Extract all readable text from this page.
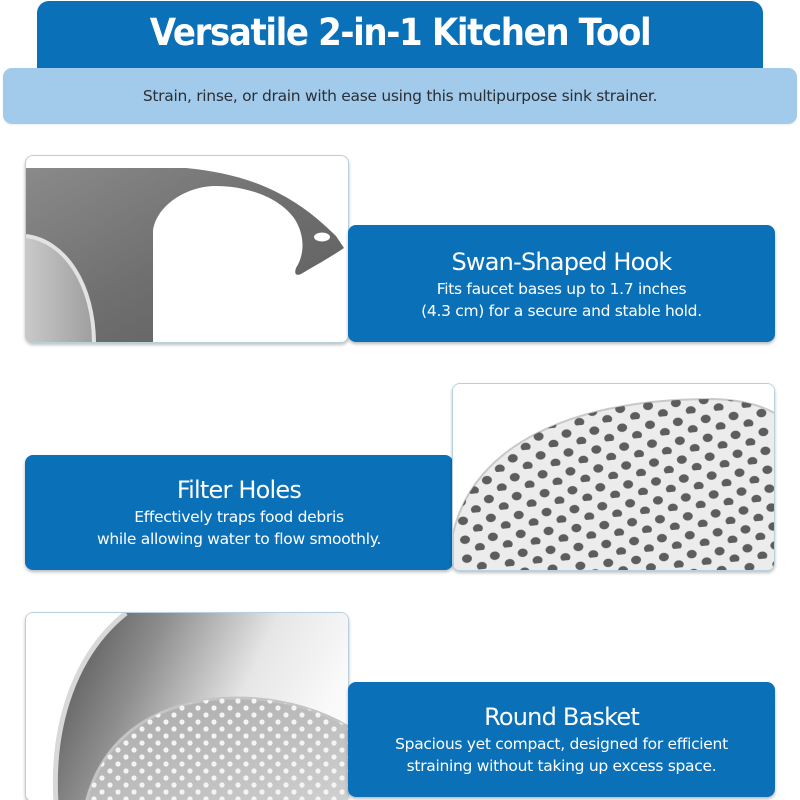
Versatile 2-in-1 Kitchen Tool

Strain, rinse, or drain with ease using this multipurpose sink strainer.

Swan-Shaped Hook

Fits faucet bases up to 1.7 inches

(4.3 cm) for a secure and stable hold.

Filter Holes

Effectively traps food debris

while allowing water to flow smoothly.

Round Basket

Spacious yet compact, designed for efficient

straining without taking up excess space.
